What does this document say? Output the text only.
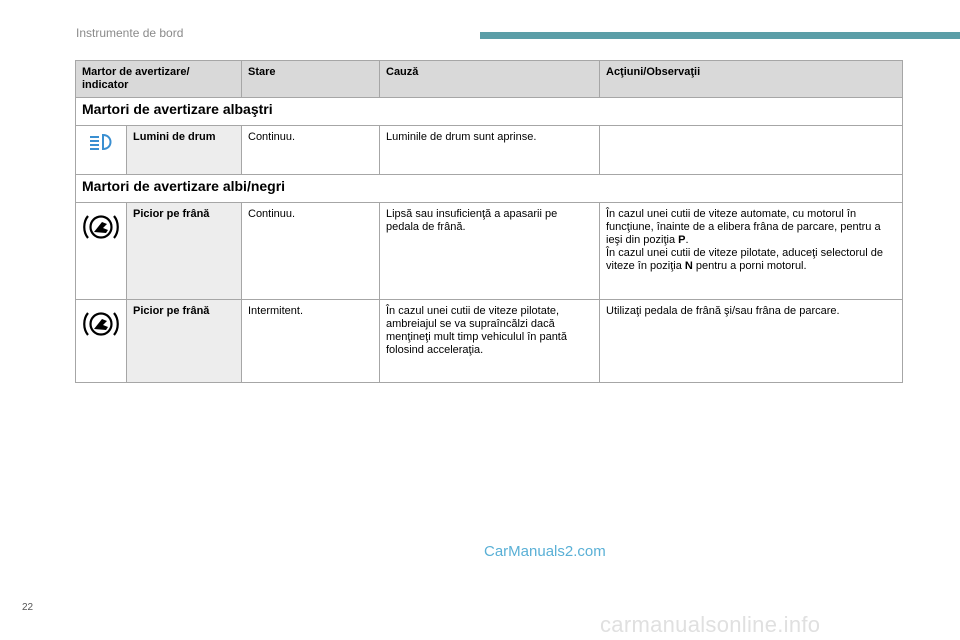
Instrumente de bord
Martor de avertizare/ indicator		Stare	Cauză	Acţiuni/Observaţii
Martori de avertizare albaştri				

	Lumini de drum	Continuu.	Luminile de drum sunt aprinse.	
Martori de avertizare albi/negri				

	Picior pe frână	Continuu.	Lipsă sau insuficienţă a apasarii pe pedala de frână.	În cazul unei cutii de viteze automate, cu motorul în funcţiune, înainte de a elibera frâna de parcare, pentru a ieşi din poziţia P.
În cazul unei cutii de viteze pilotate, aduceţi selectorul de viteze în poziţia N pentru a porni motorul.

	Picior pe frână	Intermitent.	În cazul unei cutii de viteze pilotate, ambreiajul se va supraîncălzi dacă menţineţi mult timp vehiculul în pantă folosind acceleraţia.	Utilizaţi pedala de frână şi/sau frâna de parcare.
CarManuals2.com
22
carmanualsonline.info
